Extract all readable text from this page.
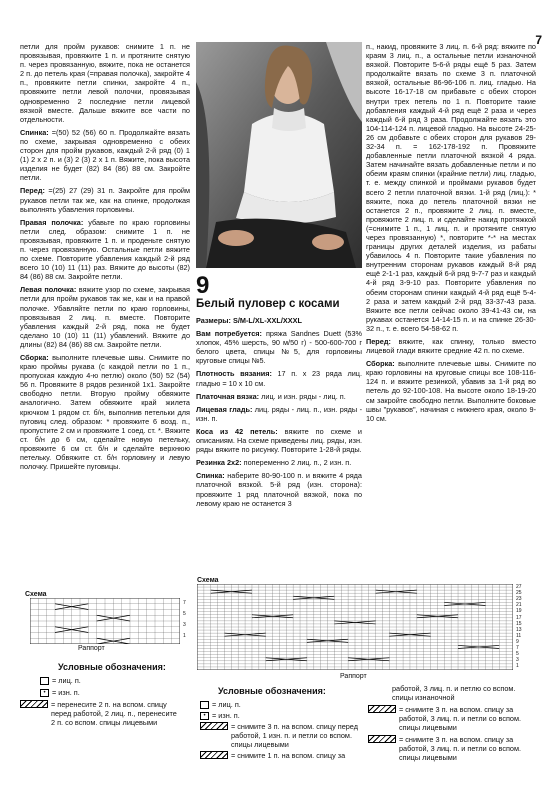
7

петли для пройм рукавов: снимите 1 п. не провязывая, провяжите 1 п. и протяните снятую п. через провязанную, вяжите, пока не останется 2 п. до петель края (=правая полочка), закройте 4 п., провяжите петли спинки, закройте 4 п., провяжите петли левой полочки, провязывая одновременно 2 последние петли лицевой вязкой вместе. Дальше вяжите все части по отдельности.

Спинка: =(50) 52 (56) 60 п. Продолжайте вязать по схеме, закрывая одновременно с обеих сторон для пройм рукавов, каждый 2-й ряд (0) 1 (1) 2 х 2 п. и (3) 2 (3) 2 х 1 п. Вяжите, пока высота изделия не будет (82) 84 (86) 88 см. Закройте петли.

Перед: =(25) 27 (29) 31 п. Закройте для пройм рукавов петли так же, как на спинке, продолжая выполнять убавления горловины.

Правая полочка: убавьте по краю горловины петли след. образом: снимите 1 п. не провязывая, провяжите 1 п. и проденьте снятую п. через провязанную. Остальные петли вяжите по схеме. Повторите убавления каждый 2-й ряд всего 10 (10) 11 (11) раз. Вяжите до высоты (82) 84 (86) 88 см. Закройте петли.

Левая полочка: вяжите узор по схеме, закрывая петли для пройм рукавов так же, как и на правой полочке. Убавляйте петли по краю горловины, провязывая 2 лиц. п. вместе. Повторите убавления каждый 2-й ряд, пока не будет сделано 10 (10) 11 (11) убавлений. Вяжите до длины (82) 84 (86) 88 см. Закройте петли.

Сборка: выполните плечевые швы. Снимите по краю проймы рукава (с каждой петли по 1 п., пропуская каждую 4-ю петлю) около (50) 52 (54) 56 п. Провяжите 8 рядов резинкой 1х1. Закройте свободно петли. Вторую пройму обвяжите аналогично. Затем обвяжите край жилета крючком 1 рядом ст. б/н, выполнив петельки для пуговиц след. образом: * провяжите 6 возд. п., пропустите 2 см и провяжите 1 соед. ст. *. Вяжите ст. б/н до 6 см, сделайте новую петельку, провяжите 6 см ст. б/н и сделайте верхнюю петельку. Обвяжите ст. б/н горловину и левую полочку. Пришейте пуговицы.

9
Белый пуловер с косами

Размеры: S/M-L/XL-XXL/XXXL

Вам потребуется: пряжа Sandnes Duett (53% хлопок, 45% шерсть, 90 м/50 г) - 500-600-700 г белого цвета, спицы №5, для горловины круговые спицы №5.

Плотность вязания: 17 п. х 23 ряда лиц. гладью = 10 х 10 см.

Платочная вязка: лиц. и изн. ряды - лиц. п.

Лицевая гладь: лиц. ряды - лиц. п., изн. ряды - изн. п.

Коса из 42 петель: вяжите по схеме и описаниям. На схеме приведены лиц. ряды, изн. ряды вяжите по рисунку. Повторите 1-28-й ряды.

Резинка 2х2: попеременно 2 лиц. п., 2 изн. п.

Спинка: наберите 80-90-100 п. и вяжите 4 ряда платочной вязкой. 5-й ряд (изн. сторона): провяжите 1 ряд платочной вязкой, пока по левому краю не останется 3

п., накид, провяжите 3 лиц. п. 6-й ряд: вяжите по краям 3 лиц. п., а остальные петли изнаночной вязкой. Повторите 5-6-й ряды ещё 5 раз. Затем продолжайте вязать по схеме 3 п. платочной вязкой, остальные 86-96-106 п. лиц. гладью. На высоте 16-17-18 см прибавьте с обеих сторон внутри трех петель по 1 п. Повторите такие добавления каждый 4-й ряд ещё 2 раза и через каждый 6-й ряд 3 раза. Продолжайте вязать это 104-114-124 п. лицевой гладью. На высоте 24-25-26 см добавьте с обеих сторон для рукавов 29-32-34 п. = 162-178-192 п. Провяжите добавленные петли платочной вязкой 4 ряда. Затем начинайте вязать добавленные петли и по обеим краям спинки (крайние петли) лиц. гладью, т. е. между спинкой и проймами рукавов будет всего 2 петли платочной вязки. 1-й ряд (лиц.): * вяжите, пока до петель платочной вязки не останется 2 п., провяжите 2 лиц. п. вместе, провяжите 2 лиц. п. и сделайте накид протяжкой (=снимите 1 п., 1 лиц. п. и протяните снятую через провязанную) *, повторите *-* на местах границы других деталей изделия, из рабаты убавилось 4 п. Повторите такие убавления по внутренним сторонам рукавов каждый 8-й ряд ещё 2-1-1 раз, каждый 6-й ряд 9-7-7 раз и каждый 4-й ряд 3-9-10 раз. Повторите убавления по обеим сторонам спинки каждый 4-й ряд ещё 5-4-2 раза и затем каждый 2-й ряд 33-37-43 раза. Вяжите все петли сейчас около 39-41-43 см, на рукавах останется 14-14-15 п. и на спинке 26-30-32 п., т. е. всего 54-58-62 п.

Перед: вяжите, как спинку, только вместо лицевой глади вяжите средние 42 п. по схеме.

Сборка: выполните плечевые швы. Снимите по краю горловины на круговые спицы все 108-116-124 п. и вяжите резинкой, убавив за 1-й ряд во петель до 92-100-108. На высоте около 18-19-20 см закройте свободно петли. Выполните боковые швы "рукавов", начиная с нижнего края, около 9-10 см.

Схема
7
5
3
1
Раппорт
Условные обозначения:
= лиц. п.
• = изн. п.
= перенесите 2 п. на вспом. спицу перед работой, 2 лиц. п., перенесите 2 п. со вспом. спицы лицевыми
Схема
27
25
23
21
19
17
15
13
11
9
7
5
3
1
Раппорт
Условные обозначения:
= лиц. п.
• = изн. п.
= снимите 3 п. на вспом. спицу перед работой, 1 изн. п. и петли со вспом. спицы лицевыми
= снимите 1 п. на вспом. спицу за
работой, 3 лиц. п. и петлю со вспом. спицы изнаночной
= снимите 3 п. на вспом. спицу за работой, 3 лиц. п. и петли со вспом. спицы лицевыми
= снимите 3 п. на вспом. спицу за работой, 3 лиц. п. и петли со вспом. спицы лицевыми
